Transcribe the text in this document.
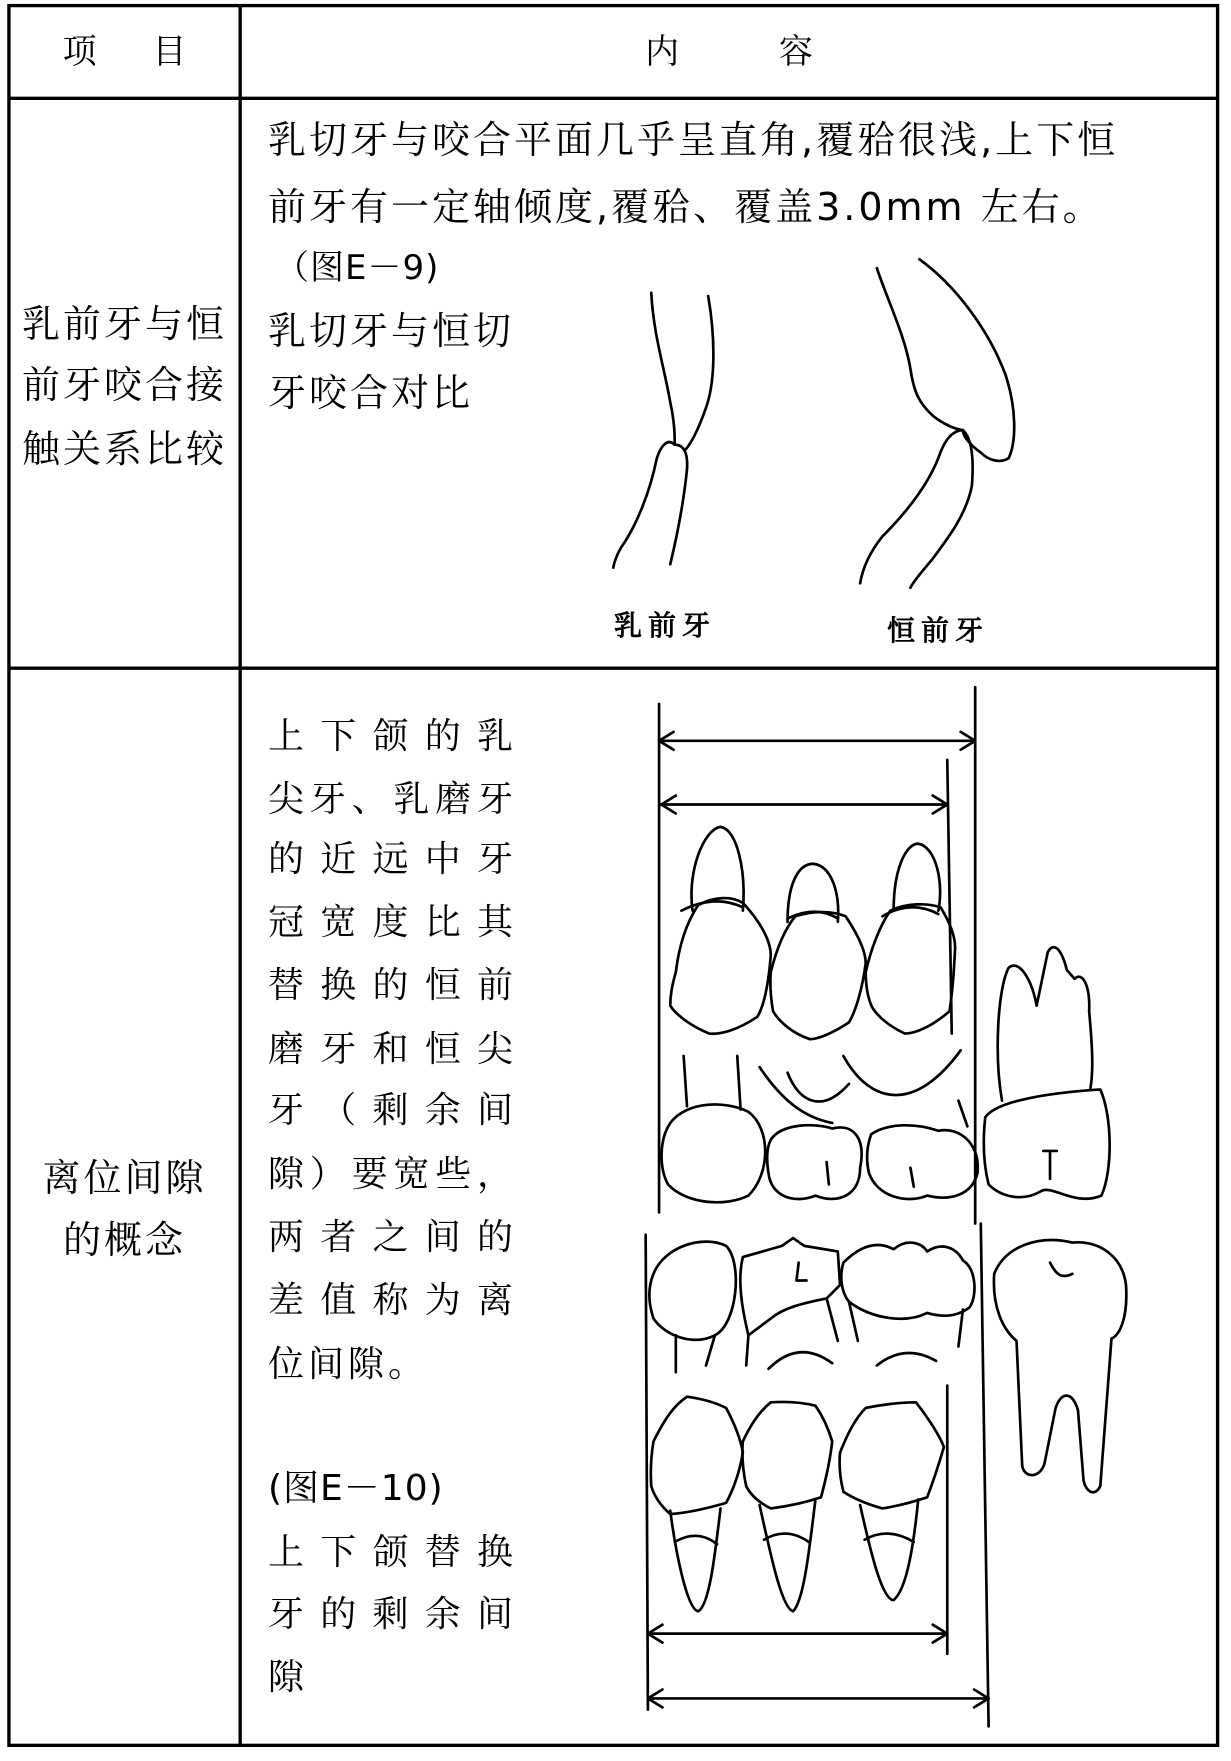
项 目	内 容
乳前牙与恒
前牙咬合接
触关系比较
乳切牙与咬合平面几乎呈直角,覆𬌗很浅,上下恒
前牙有一定轴倾度,覆𬌗、覆盖3.0mm 左右。
（图E－9)
乳切牙与恒切
牙咬合对比
乳前牙	恒前牙
离位间隙
的概念
上下颌的乳
尖牙、乳磨牙
的近远中牙
冠宽度比其
替换的恒前
磨牙和恒尖
牙（剩余间
隙）要宽些，
两者之间的
差值称为离
位间隙。
(图E－10)
上下颌替换
牙的剩余间
隙
